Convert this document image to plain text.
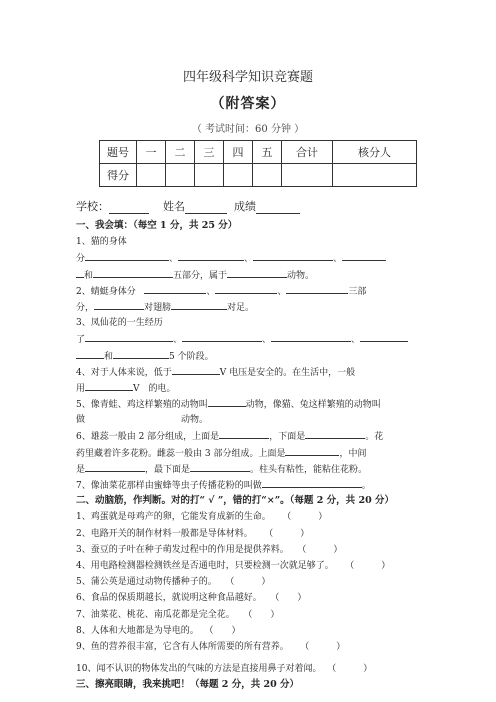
四年级科学知识竞赛题
（附答案）
（ 考试时间：60 分钟 ）
题号	一	二	三	四	五	合计	核分人
得分							
学校：	姓名	成绩
一、我会填：（每空 1 分，共 25 分）
1、猫的身体
分	、	、	、
和	五部分，属于	动物。
2、蜻蜓身体分	、	、	三部
分，	对翅膀	对足。
3、凤仙花的一生经历
了	、	、	、
和	5 个阶段。
4、对于人体来说，低于	V 电压是安全的。在生活中，一般
用	V　的电。
5、像青蛙、鸡这样繁殖的动物叫	动物，像猫、兔这样繁殖的动物叫
做	动物。
6、雄蕊一般由 2 部分组成，上面是	，下面是	。花
药里藏着许多花粉。雌蕊一般由 3 部分组成。上面是	，中间
是	，最下面是	。柱头有粘性，能粘住花粉。
7、像油菜花那样由蜜蜂等虫子传播花粉的叫做	。
二、动脑筋，作判断。对的打“ √ ”，错的打“×”。（每题 2 分，共 20 分）
1、鸡蛋就是母鸡产的卵，它能发育成新的生命。 （　　　）
2、电路开关的制作材料一般都是导体材料。 （　　　）
3、蚕豆的子叶在种子萌发过程中的作用是提供养料。 （　　　）
4、用电路检测器检测铁丝是否通电时，只要检测一次就足够了。 （　　　）
5、蒲公英是通过动物传播种子的。 （　　　）
6、食品的保质期越长，就说明这种食品越好。 （　　）
7、油菜花、桃花、南瓜花都是完全花。 （　　）
8、人体和大地都是为导电的。 （　　）
9、鱼的营养很丰富，它含有人体所需要的所有营养。 （　　　）
10、闻不认识的物体发出的气味的方法是直接用鼻子对着闻。 （　　　）
三、擦亮眼睛，我来挑吧！（每题 2 分，共 20 分）
